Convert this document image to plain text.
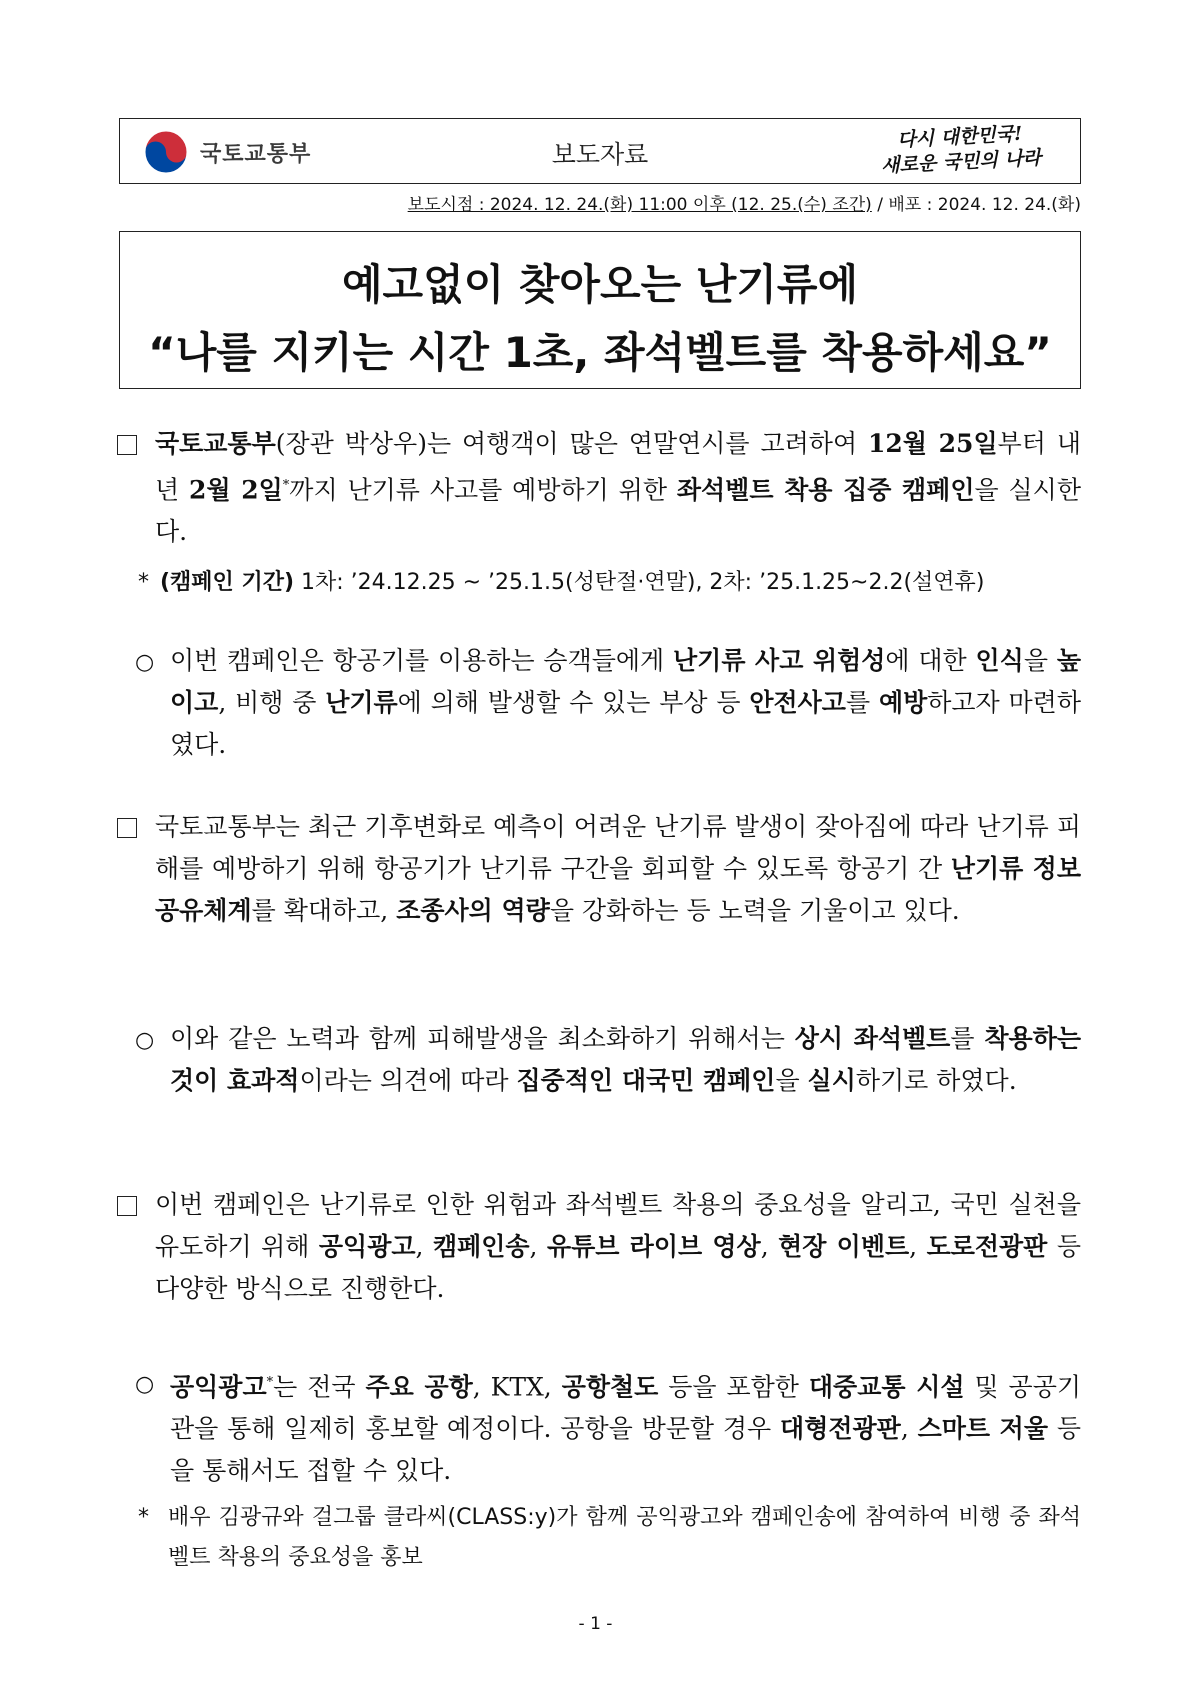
국토교통부	보도자료
다시 대한민국!
새로운 국민의 나라
보도시점 : 2024. 12. 24.(화) 11:00 이후 (12. 25.(수) 조간) / 배포 : 2024. 12. 24.(화)
예고없이 찾아오는 난기류에
“나를 지키는 시간 1초, 좌석벨트를 착용하세요”
국토교통부(장관 박상우)는 여행객이 많은 연말연시를 고려하여 12월 25일부터 내년 2월 2일*까지 난기류 사고를 예방하기 위한 좌석벨트 착용 집중 캠페인을 실시한다.
* (캠페인 기간) 1차: ’24.12.25 ~ ’25.1.5(성탄절·연말), 2차: ’25.1.25~2.2(설연휴)
○ 이번 캠페인은 항공기를 이용하는 승객들에게 난기류 사고 위험성에 대한 인식을 높이고, 비행 중 난기류에 의해 발생할 수 있는 부상 등 안전사고를 예방하고자 마련하였다.
국토교통부는 최근 기후변화로 예측이 어려운 난기류 발생이 잦아짐에 따라 난기류 피해를 예방하기 위해 항공기가 난기류 구간을 회피할 수 있도록 항공기 간 난기류 정보공유체계를 확대하고, 조종사의 역량을 강화하는 등 노력을 기울이고 있다.
○ 이와 같은 노력과 함께 피해발생을 최소화하기 위해서는 상시 좌석벨트를 착용하는 것이 효과적이라는 의견에 따라 집중적인 대국민 캠페인을 실시하기로 하였다.
이번 캠페인은 난기류로 인한 위험과 좌석벨트 착용의 중요성을 알리고, 국민 실천을 유도하기 위해 공익광고, 캠페인송, 유튜브 라이브 영상, 현장 이벤트, 도로전광판 등 다양한 방식으로 진행한다.
○ 공익광고*는 전국 주요 공항, KTX, 공항철도 등을 포함한 대중교통 시설 및 공공기관을 통해 일제히 홍보할 예정이다. 공항을 방문할 경우 대형전광판, 스마트 저울 등을 통해서도 접할 수 있다.
* 배우 김광규와 걸그룹 클라씨(CLASS:y)가 함께 공익광고와 캠페인송에 참여하여 비행 중 좌석벨트 착용의 중요성을 홍보
- 1 -
